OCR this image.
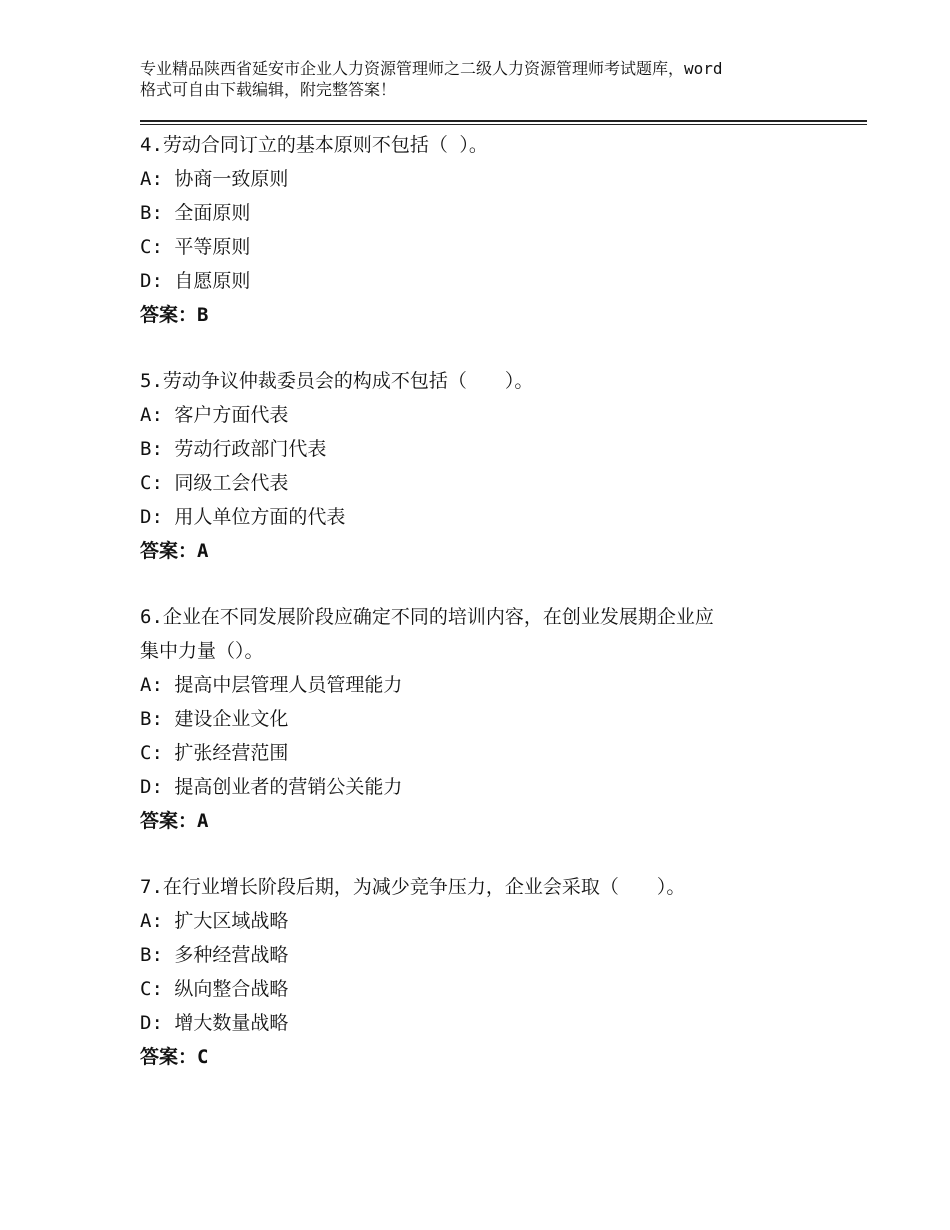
专业精品陕西省延安市企业人力资源管理师之二级人力资源管理师考试题库，word
格式可自由下载编辑，附完整答案！
4.劳动合同订立的基本原则不包括（ ）。
A: 协商一致原则
B: 全面原则
C: 平等原则
D: 自愿原则
答案：B
5.劳动争议仲裁委员会的构成不包括（　　）。
A: 客户方面代表
B: 劳动行政部门代表
C: 同级工会代表
D: 用人单位方面的代表
答案：A
6.企业在不同发展阶段应确定不同的培训内容，在创业发展期企业应
集中力量（）。
A: 提高中层管理人员管理能力
B: 建设企业文化
C: 扩张经营范围
D: 提高创业者的营销公关能力
答案：A
7.在行业增长阶段后期，为减少竞争压力，企业会采取（　　）。
A: 扩大区域战略
B: 多种经营战略
C: 纵向整合战略
D: 增大数量战略
答案：C
